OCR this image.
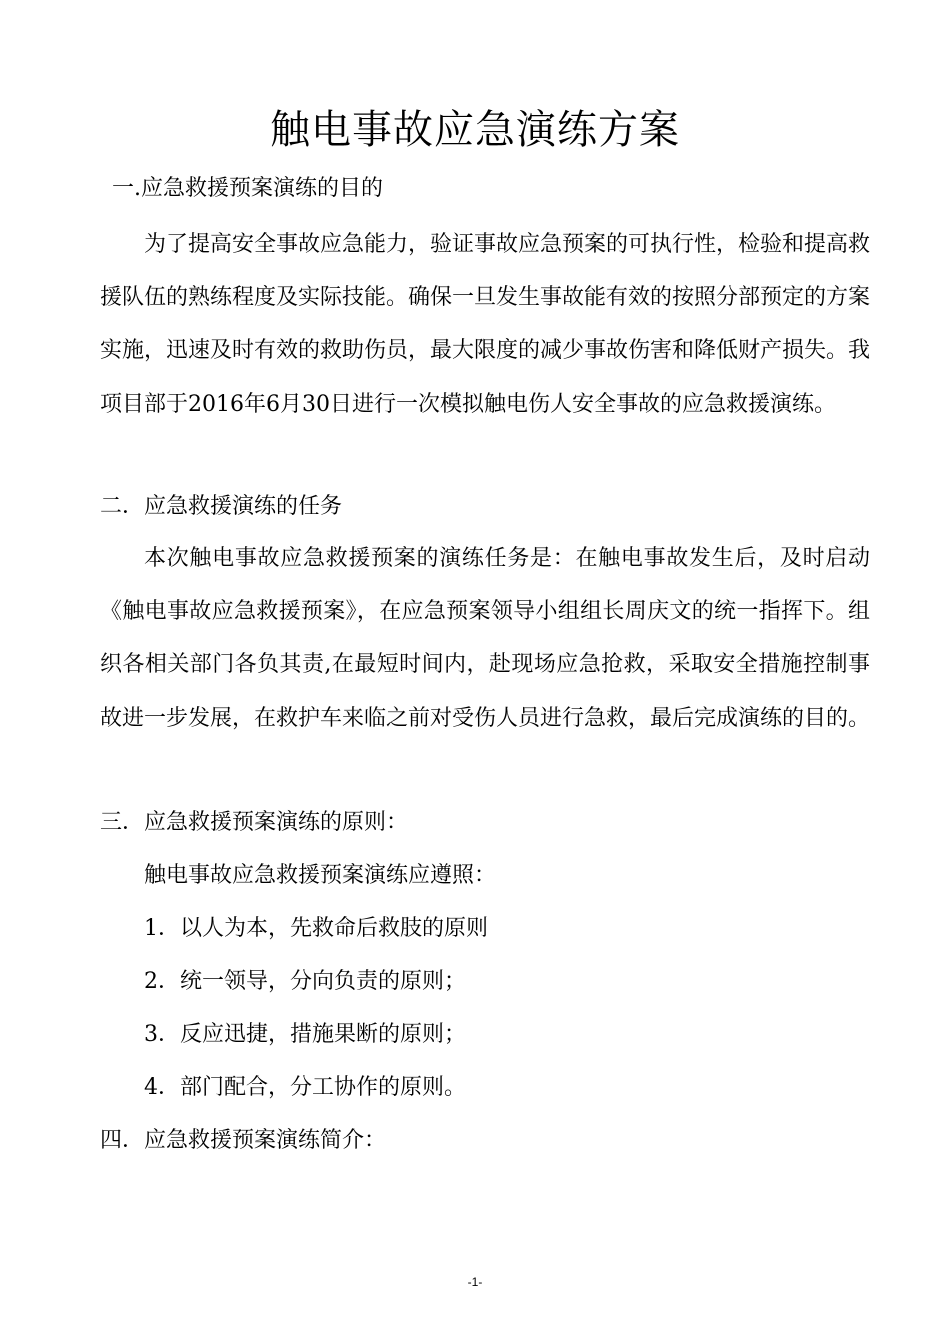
触电事故应急演练方案
一.应急救援预案演练的目的
为了提高安全事故应急能力，验证事故应急预案的可执行性，检验和提高救援队伍的熟练程度及实际技能。确保一旦发生事故能有效的按照分部预定的方案实施，迅速及时有效的救助伤员，最大限度的减少事故伤害和降低财产损失。我项目部于2016年6月30日进行一次模拟触电伤人安全事故的应急救援演练。
二．应急救援演练的任务
本次触电事故应急救援预案的演练任务是：在触电事故发生后，及时启动《触电事故应急救援预案》，在应急预案领导小组组长周庆文的统一指挥下。组织各相关部门各负其责,在最短时间内，赴现场应急抢救，采取安全措施控制事故进一步发展，在救护车来临之前对受伤人员进行急救，最后完成演练的目的。
三．应急救援预案演练的原则：
触电事故应急救援预案演练应遵照：
1．以人为本，先救命后救肢的原则
2．统一领导，分向负责的原则；
3．反应迅捷，措施果断的原则；
4．部门配合，分工协作的原则。
四．应急救援预案演练简介：
-1-
